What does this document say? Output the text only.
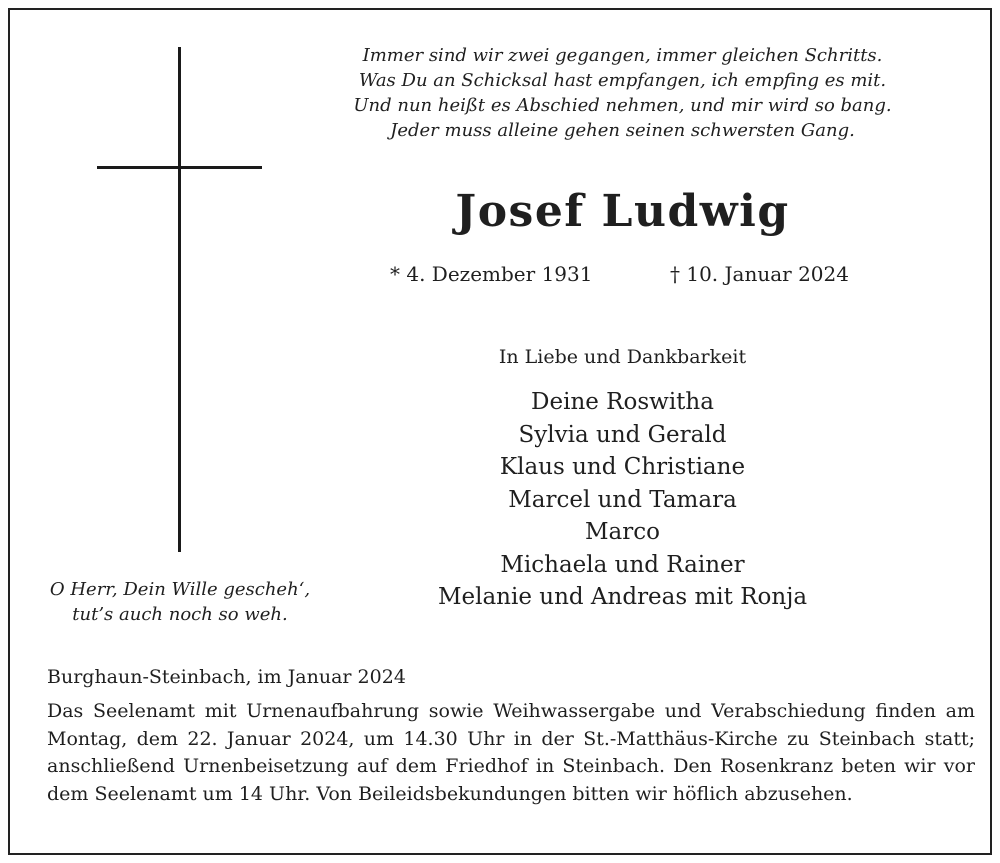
Immer sind wir zwei gegangen, immer gleichen Schritts.
Was Du an Schicksal hast empfangen, ich empfing es mit.
Und nun heißt es Abschied nehmen, und mir wird so bang.
Jeder muss alleine gehen seinen schwersten Gang.
Josef Ludwig
* 4. Dezember 1931	† 10. Januar 2024
In Liebe und Dankbarkeit
Deine Roswitha
Sylvia und Gerald
Klaus und Christiane
Marcel und Tamara
Marco
Michaela und Rainer
Melanie und Andreas mit Ronja
O Herr, Dein Wille gescheh‘,
tut’s auch noch so weh.
Burghaun-Steinbach, im Januar 2024
Das Seelenamt mit Urnenaufbahrung sowie Weihwassergabe und Verabschiedung finden am Montag, dem 22. Januar 2024, um 14.30 Uhr in der St.-Matthäus-Kirche zu Steinbach statt; anschließend Urnenbeisetzung auf dem Friedhof in Steinbach. Den Rosenkranz beten wir vor dem Seelenamt um 14 Uhr. Von Beileidsbekundungen bitten wir höflich abzusehen.
